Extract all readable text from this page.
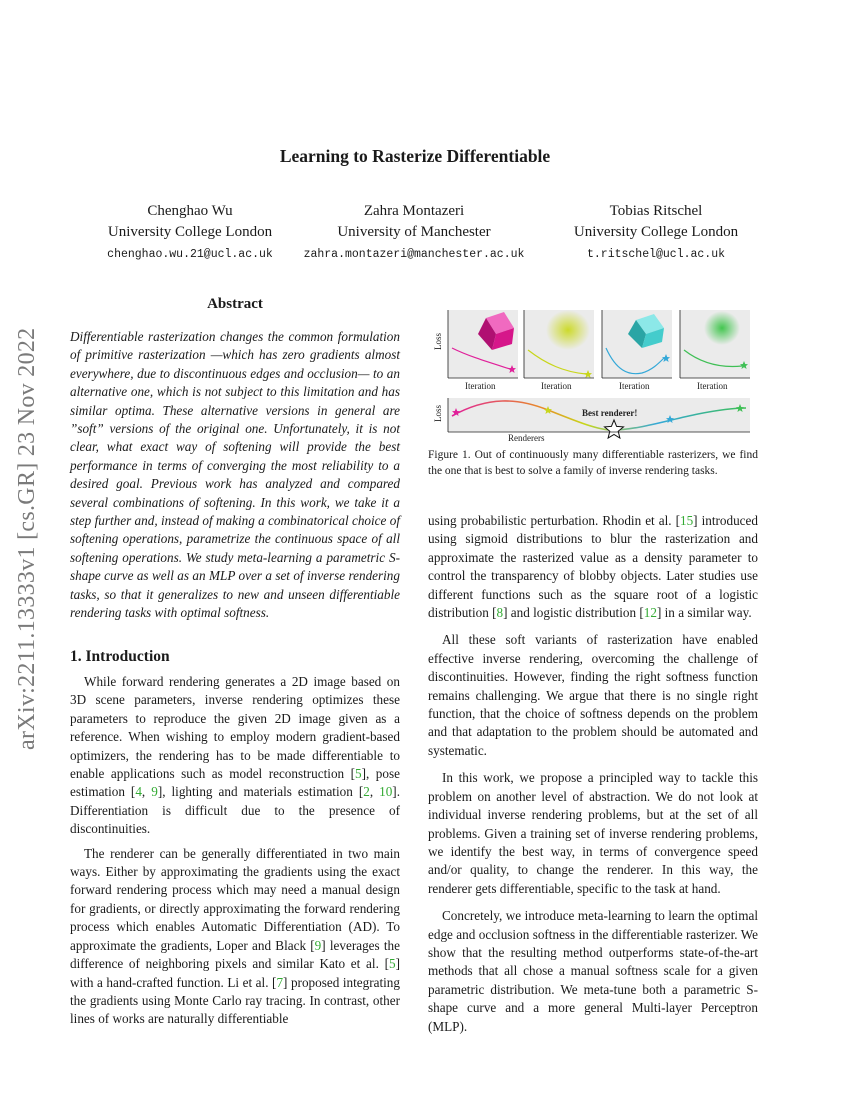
arXiv:2211.13333v1 [cs.GR] 23 Nov 2022
Learning to Rasterize Differentiable
Chenghao Wu
University College London
chenghao.wu.21@ucl.ac.uk
Zahra Montazeri
University of Manchester
zahra.montazeri@manchester.ac.uk
Tobias Ritschel
University College London
t.ritschel@ucl.ac.uk
Abstract
Differentiable rasterization changes the common formulation of primitive rasterization —which has zero gradients almost everywhere, due to discontinuous edges and occlusion— to an alternative one, which is not subject to this limitation and has similar optima. These alternative versions in general are ”soft” versions of the original one. Unfortunately, it is not clear, what exact way of softening will provide the best performance in terms of converging the most reliability to a desired goal. Previous work has analyzed and compared several combinations of softening. In this work, we take it a step further and, instead of making a combinatorical choice of softening operations, parametrize the continuous space of all softening operations. We study meta-learning a parametric S-shape curve as well as an MLP over a set of inverse rendering tasks, so that it generalizes to new and unseen differentiable rendering tasks with optimal softness.
1. Introduction

While forward rendering generates a 2D image based on 3D scene parameters, inverse rendering optimizes these parameters to reproduce the given 2D image given as a reference. When wishing to employ modern gradient-based optimizers, the rendering has to be made differentiable to enable applications such as model reconstruction [5], pose estimation [4, 9], lighting and materials estimation [2, 10]. Differentiation is difficult due to the presence of discontinuities.

The renderer can be generally differentiated in two main ways. Either by approximating the gradients using the exact forward rendering process which may need a manual design for gradients, or directly approximating the forward rendering process which enables Automatic Differentiation (AD). To approximate the gradients, Loper and Black [9] leverages the difference of neighboring pixels and similar Kato et al. [5] with a hand-crafted function. Li et al. [7] proposed integrating the gradients using Monte Carlo ray tracing. In contrast, other lines of works are naturally differentiable

Loss
Iteration	Iteration	Iteration	Iteration
Loss
Renderers
Best renderer!
Figure 1. Out of continuously many differentiable rasterizers, we find the one that is best to solve a family of inverse rendering tasks.

using probabilistic perturbation. Rhodin et al. [15] introduced using sigmoid distributions to blur the rasterization and approximate the rasterized value as a density parameter to control the transparency of blobby objects. Later studies use different functions such as the square root of a logistic distribution [8] and logistic distribution [12] in a similar way.

All these soft variants of rasterization have enabled effective inverse rendering, overcoming the challenge of discontinuities. However, finding the right softness function remains challenging. We argue that there is no single right function, that the choice of softness depends on the problem and that adaptation to the problem should be automated and systematic.

In this work, we propose a principled way to tackle this problem on another level of abstraction. We do not look at individual inverse rendering problems, but at the set of all problems. Given a training set of inverse rendering problems, we identify the best way, in terms of convergence speed and/or quality, to change the renderer. In this way, the renderer gets differentiable, specific to the task at hand.

Concretely, we introduce meta-learning to learn the optimal edge and occlusion softness in the differentiable rasterizer. We show that the resulting method outperforms state-of-the-art methods that all chose a manual softness scale for a given parametric distribution. We meta-tune both a parametric S-shape curve and a more general Multi-layer Perceptron (MLP).
